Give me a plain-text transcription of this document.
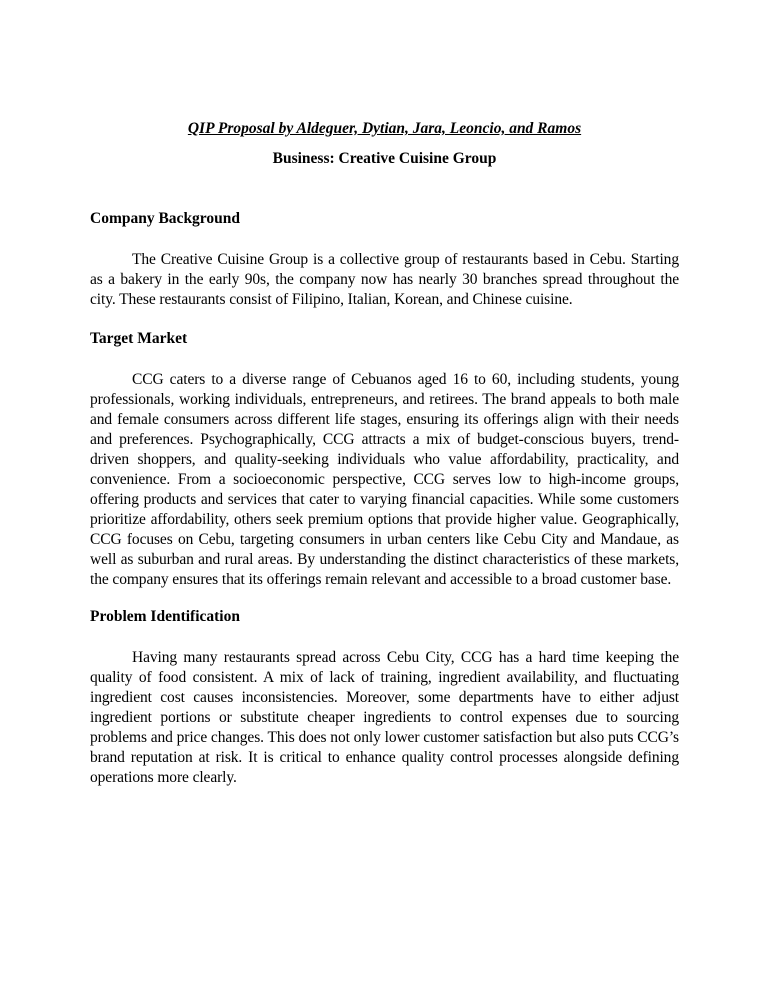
QIP Proposal by Aldeguer, Dytian, Jara, Leoncio, and Ramos

Business: Creative Cuisine Group

Company Background

The Creative Cuisine Group is a collective group of restaurants based in Cebu. Starting as a bakery in the early 90s, the company now has nearly 30 branches spread throughout the city. These restaurants consist of Filipino, Italian, Korean, and Chinese cuisine.

Target Market

CCG caters to a diverse range of Cebuanos aged 16 to 60, including students, young professionals, working individuals, entrepreneurs, and retirees. The brand appeals to both male and female consumers across different life stages, ensuring its offerings align with their needs and preferences. Psychographically, CCG attracts a mix of budget-conscious buyers, trend-driven shoppers, and quality-seeking individuals who value affordability, practicality, and convenience. From a socioeconomic perspective, CCG serves low to high-income groups, offering products and services that cater to varying financial capacities. While some customers prioritize affordability, others seek premium options that provide higher value. Geographically, CCG focuses on Cebu, targeting consumers in urban centers like Cebu City and Mandaue, as well as suburban and rural areas. By understanding the distinct characteristics of these markets, the company ensures that its offerings remain relevant and accessible to a broad customer base.

Problem Identification

Having many restaurants spread across Cebu City, CCG has a hard time keeping the quality of food consistent. A mix of lack of training, ingredient availability, and fluctuating ingredient cost causes inconsistencies. Moreover, some departments have to either adjust ingredient portions or substitute cheaper ingredients to control expenses due to sourcing problems and price changes. This does not only lower customer satisfaction but also puts CCG’s brand reputation at risk. It is critical to enhance quality control processes alongside defining operations more clearly.
